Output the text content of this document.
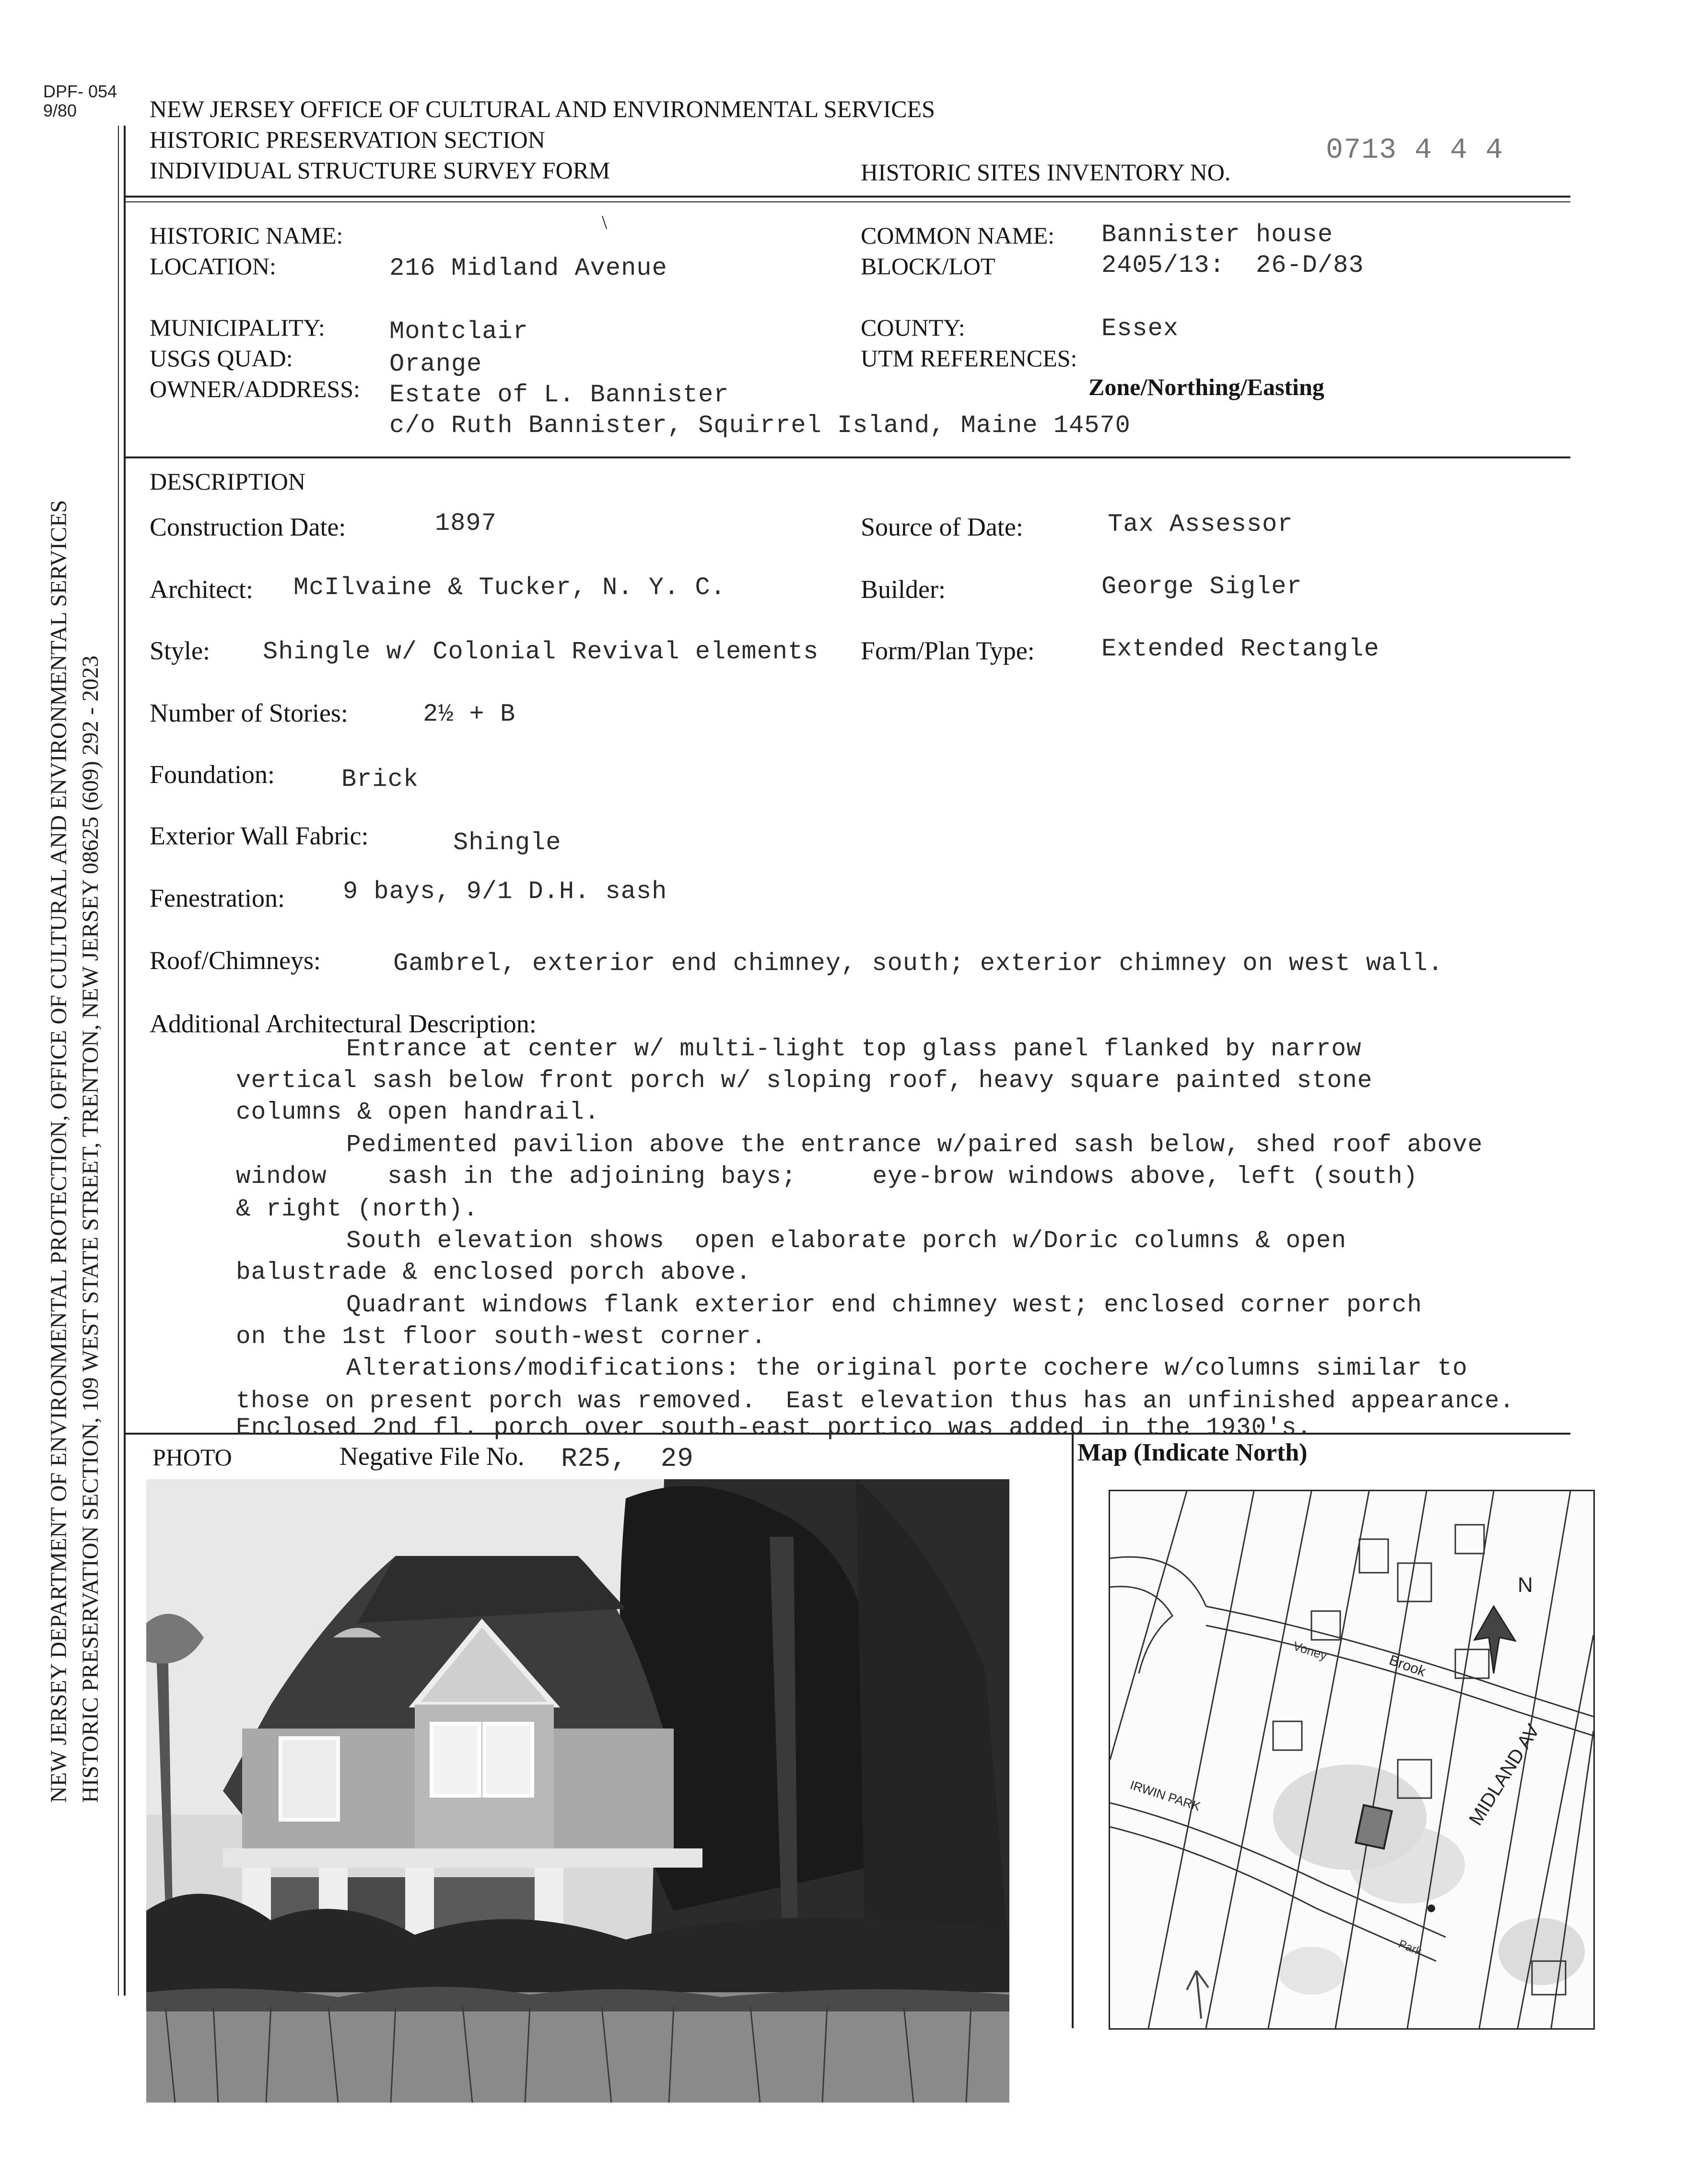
DPF- 054
9/80	NEW JERSEY OFFICE OF CULTURAL AND ENVIRONMENTAL SERVICES
HISTORIC PRESERVATION SECTION
INDIVIDUAL STRUCTURE SURVEY FORM	HISTORIC SITES INVENTORY NO.
0713 4 4 4
NEW JERSEY DEPARTMENT OF ENVIRONMENTAL PROTECTION, OFFICE OF CULTURAL AND ENVIRONMENTAL SERVICES HISTORIC PRESERVATION SECTION, 109 WEST STATE STREET, TRENTON, NEW JERSEY 08625 (609) 292 - 2023
HISTORIC NAME:	\
LOCATION:	216 Midland Avenue
COMMON NAME: Bannister house
BLOCK/LOT	2405/13:  26-D/83
MUNICIPALITY:	Montclair
USGS QUAD:	Orange
OWNER/ADDRESS: Estate of L. Bannister
c/o Ruth Bannister, Squirrel Island, Maine 14570
COUNTY:	Essex
UTM REFERENCES:
Zone/Northing/Easting
DESCRIPTION
Construction Date:	1897	Source of Date:	Tax Assessor
Architect: McIlvaine & Tucker, N. Y. C.	Builder:	George Sigler
Style: Shingle w/ Colonial Revival elements Form/Plan Type:	Extended Rectangle
Number of Stories:	2½ + B
Foundation:	Brick
Exterior Wall Fabric:	Shingle
Fenestration: 9 bays, 9/1 D.H. sash
Roof/Chimneys:	Gambrel, exterior end chimney, south; exterior chimney on west wall.
Additional Architectural Description:
Entrance at center w/ multi-light top glass panel flanked by narrow
vertical sash below front porch w/ sloping roof, heavy square painted stone
columns & open handrail.
Pedimented pavilion above the entrance w/paired sash below, shed roof above
window    sash in the adjoining bays;     eye-brow windows above, left (south)
& right (north).
South elevation shows  open elaborate porch w/Doric columns & open
balustrade & enclosed porch above.
Quadrant windows flank exterior end chimney west; enclosed corner porch
on the 1st floor south-west corner.
Alterations/modifications: the original porte cochere w/columns similar to
those on present porch was removed.  East elevation thus has an unfinished appearance.
Enclosed 2nd fl. porch over south-east portico was added in the 1930's.
PHOTO	Negative File No. R25,  29	Map (Indicate North)
N
Brook
MIDLAND AV
IRWIN PARK
Voney
Park
